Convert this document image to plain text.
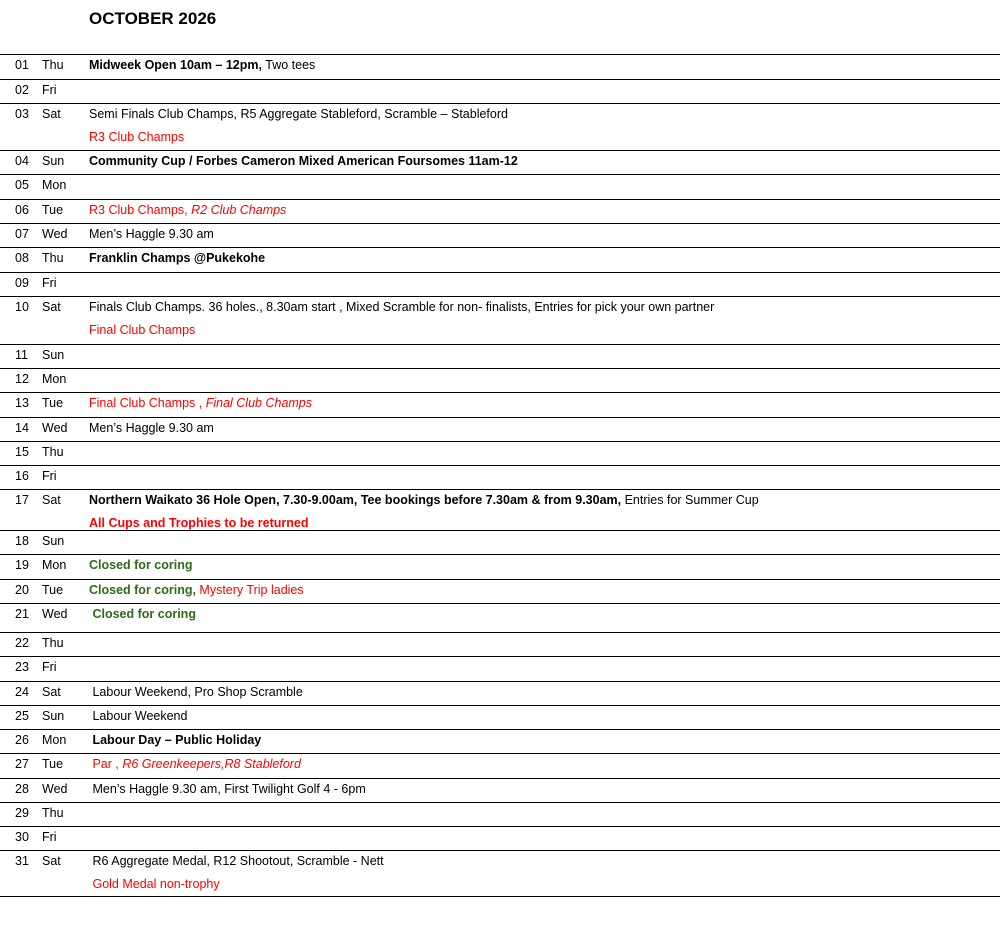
OCTOBER 2026
01 Thu Midweek Open 10am – 12pm, Two tees
02 Fri
03 Sat Semi Finals Club Champs, R5 Aggregate Stableford, Scramble – Stableford
R3 Club Champs
04 Sun Community Cup / Forbes Cameron Mixed American Foursomes 11am-12
05 Mon
06 Tue R3 Club Champs, R2 Club Champs
07 Wed Men’s Haggle 9.30 am
08 Thu Franklin Champs @Pukekohe
09 Fri
10 Sat Finals Club Champs. 36 holes., 8.30am start , Mixed Scramble for non- finalists, Entries for pick your own partner
Final Club Champs
11 Sun
12 Mon
13 Tue Final Club Champs , Final Club Champs
14 Wed Men’s Haggle 9.30 am
15 Thu
16 Fri
17 Sat Northern Waikato 36 Hole Open, 7.30-9.00am, Tee bookings before 7.30am & from 9.30am, Entries for Summer Cup
All Cups and Trophies to be returned
18 Sun
19 Mon Closed for coring
20 Tue Closed for coring, Mystery Trip ladies
21 Wed Closed for coring
22 Thu
23 Fri
24 Sat Labour Weekend, Pro Shop Scramble
25 Sun Labour Weekend
26 Mon Labour Day – Public Holiday
27 Tue Par , R6 Greenkeepers,R8 Stableford
28 Wed Men’s Haggle 9.30 am, First Twilight Golf 4 - 6pm
29 Thu
30 Fri
31 Sat R6 Aggregate Medal, R12 Shootout, Scramble - Nett
Gold Medal non-trophy
